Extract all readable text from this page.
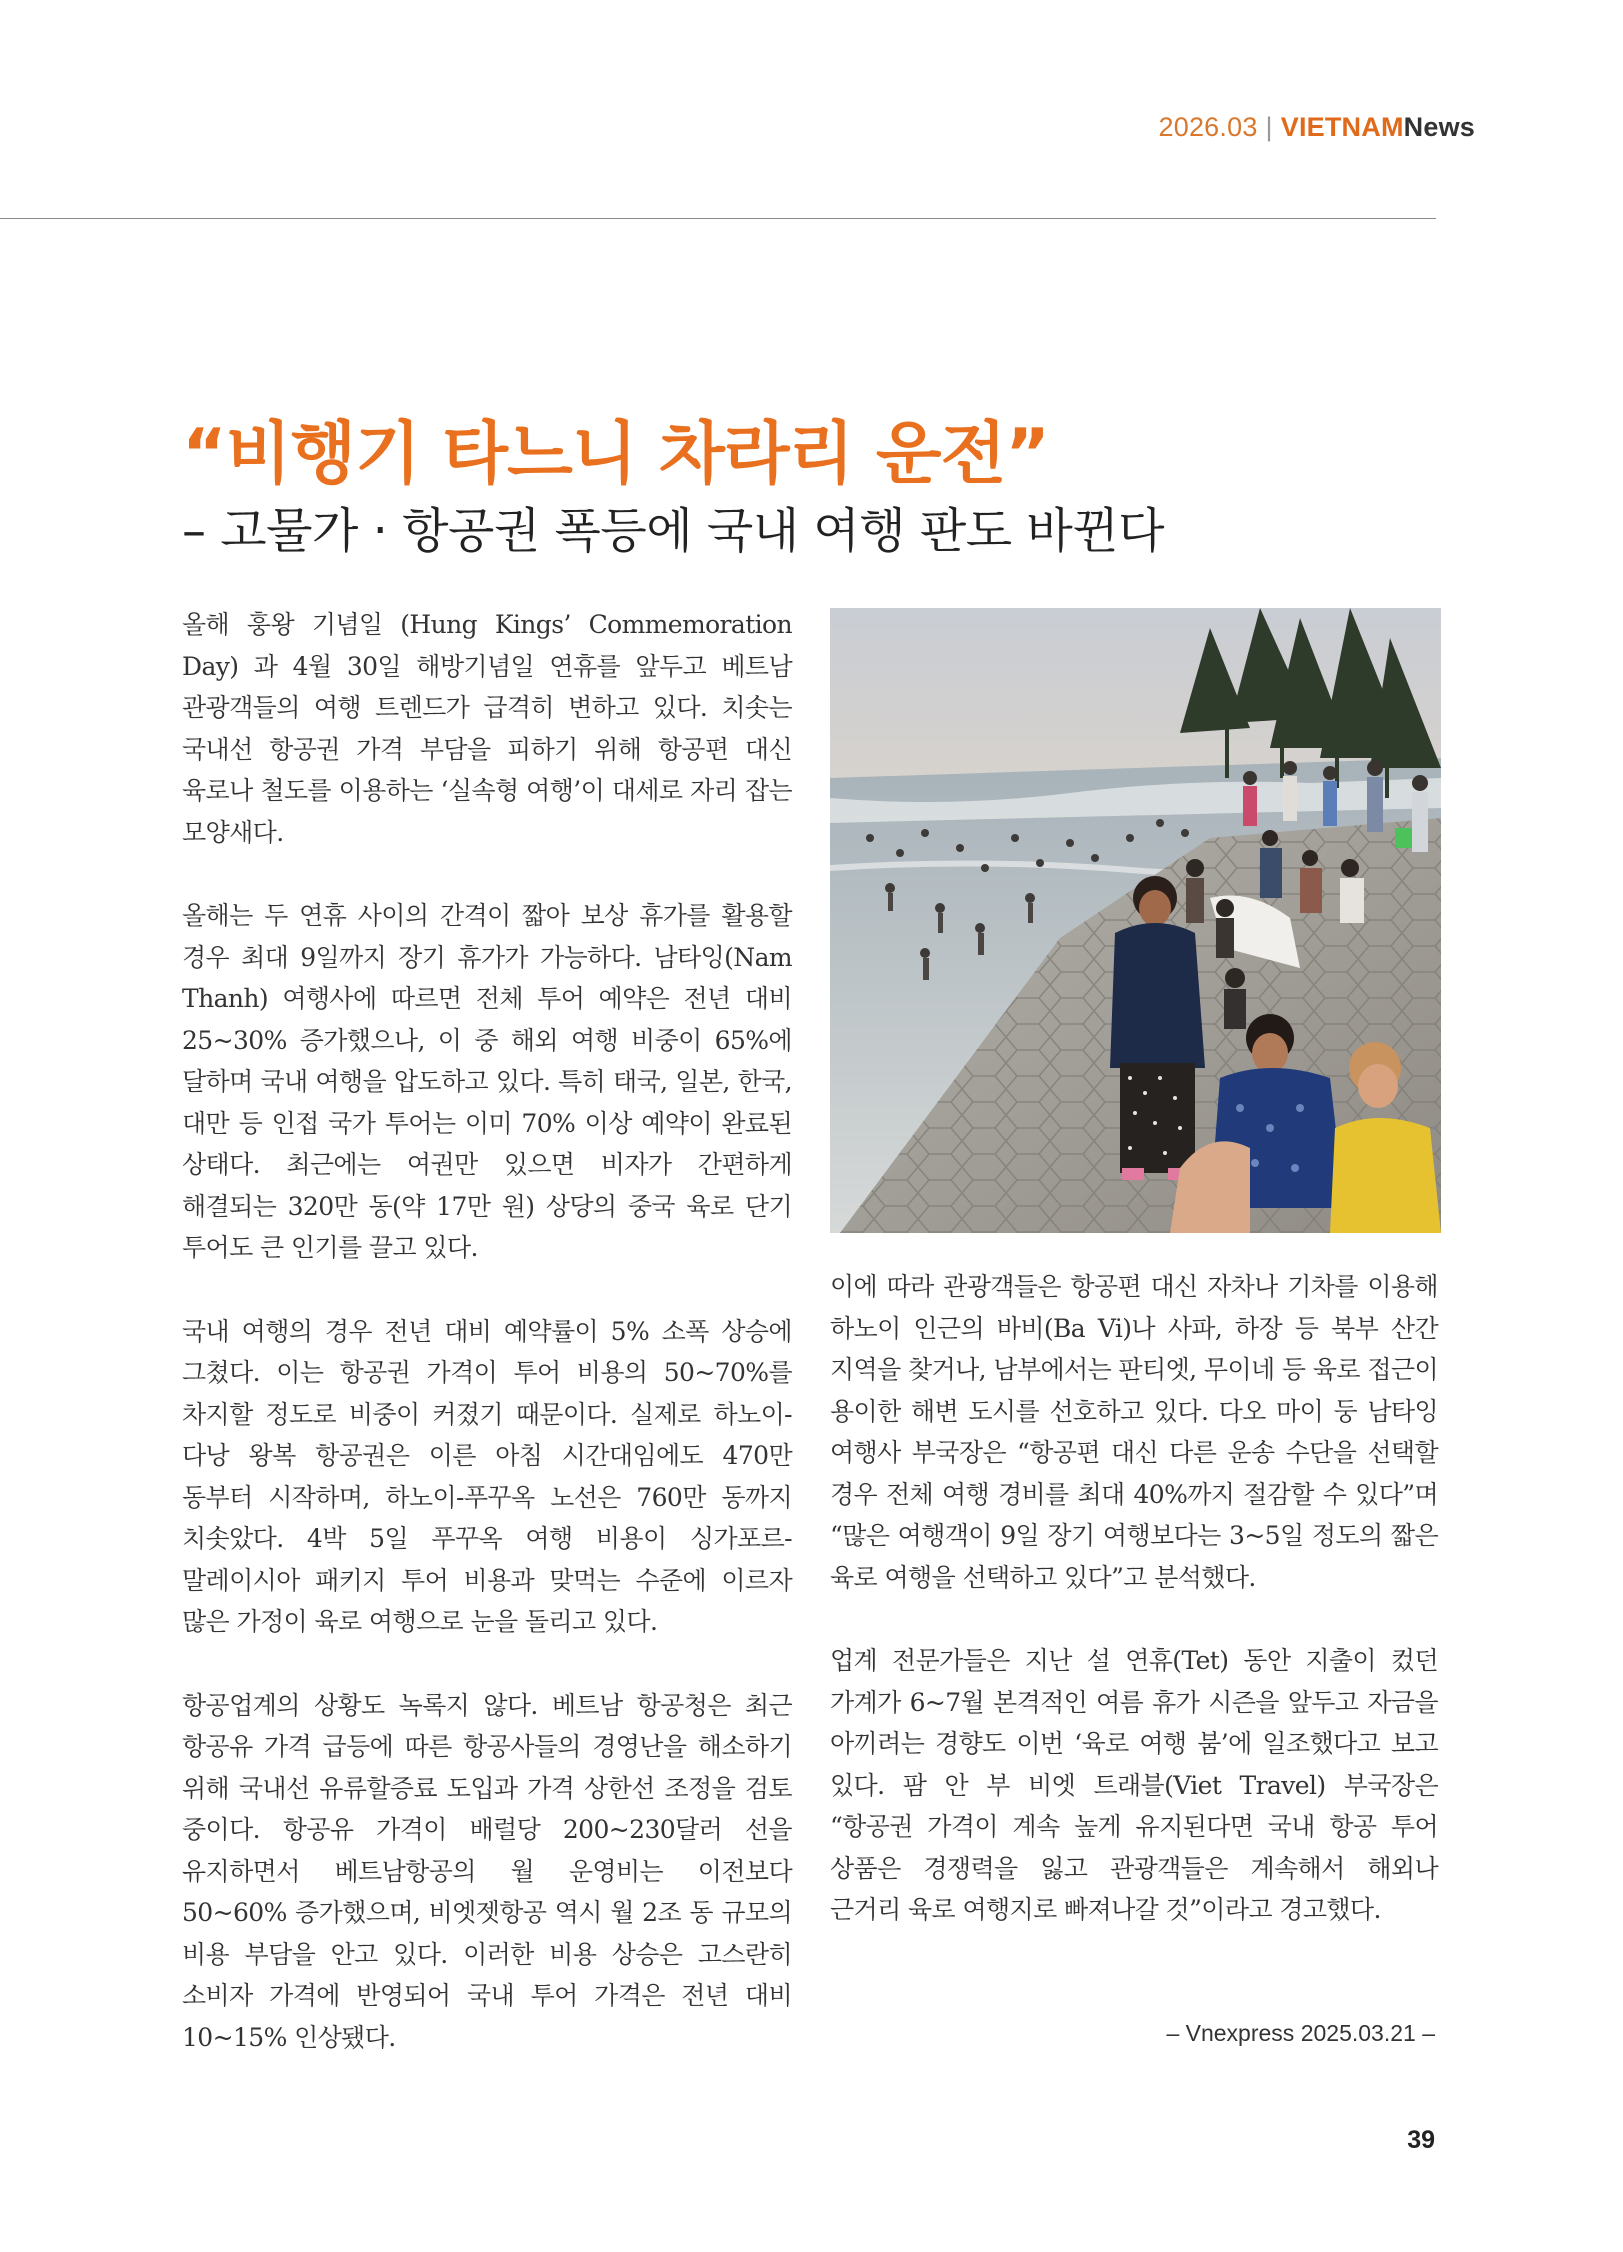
2026.03 | VIETNAMNews
“비행기 타느니 차라리 운전”
– 고물가 · 항공권 폭등에 국내 여행 판도 바뀐다

올해 훙왕 기념일 (Hung Kings’ Commemoration Day) 과 4월 30일 해방기념일 연휴를 앞두고 베트남 관광객들의 여행 트렌드가 급격히 변하고 있다. 치솟는 국내선 항공권 가격 부담을 피하기 위해 항공편 대신 육로나 철도를 이용하는 ‘실속형 여행’이 대세로 자리 잡는 모양새다.

올해는 두 연휴 사이의 간격이 짧아 보상 휴가를 활용할 경우 최대 9일까지 장기 휴가가 가능하다. 남타잉(Nam Thanh) 여행사에 따르면 전체 투어 예약은 전년 대비 25~30% 증가했으나, 이 중 해외 여행 비중이 65%에 달하며 국내 여행을 압도하고 있다. 특히 태국, 일본, 한국, 대만 등 인접 국가 투어는 이미 70% 이상 예약이 완료된 상태다. 최근에는 여권만 있으면 비자가 간편하게 해결되는 320만 동(약 17만 원) 상당의 중국 육로 단기 투어도 큰 인기를 끌고 있다.

국내 여행의 경우 전년 대비 예약률이 5% 소폭 상승에 그쳤다. 이는 항공권 가격이 투어 비용의 50~70%를 차지할 정도로 비중이 커졌기 때문이다. 실제로 하노이-다낭 왕복 항공권은 이른 아침 시간대임에도 470만 동부터 시작하며, 하노이-푸꾸옥 노선은 760만 동까지 치솟았다. 4박 5일 푸꾸옥 여행 비용이 싱가포르-말레이시아 패키지 투어 비용과 맞먹는 수준에 이르자 많은 가정이 육로 여행으로 눈을 돌리고 있다.

항공업계의 상황도 녹록지 않다. 베트남 항공청은 최근 항공유 가격 급등에 따른 항공사들의 경영난을 해소하기 위해 국내선 유류할증료 도입과 가격 상한선 조정을 검토 중이다. 항공유 가격이 배럴당 200~230달러 선을 유지하면서 베트남항공의 월 운영비는 이전보다 50~60% 증가했으며, 비엣젯항공 역시 월 2조 동 규모의 비용 부담을 안고 있다. 이러한 비용 상승은 고스란히 소비자 가격에 반영되어 국내 투어 가격은 전년 대비 10~15% 인상됐다.

이에 따라 관광객들은 항공편 대신 자차나 기차를 이용해 하노이 인근의 바비(Ba Vi)나 사파, 하장 등 북부 산간 지역을 찾거나, 남부에서는 판티엣, 무이네 등 육로 접근이 용이한 해변 도시를 선호하고 있다. 다오 마이 둥 남타잉 여행사 부국장은 “항공편 대신 다른 운송 수단을 선택할 경우 전체 여행 경비를 최대 40%까지 절감할 수 있다”며 “많은 여행객이 9일 장기 여행보다는 3~5일 정도의 짧은 육로 여행을 선택하고 있다”고 분석했다.

업계 전문가들은 지난 설 연휴(Tet) 동안 지출이 컸던 가계가 6~7월 본격적인 여름 휴가 시즌을 앞두고 자금을 아끼려는 경향도 이번 ‘육로 여행 붐’에 일조했다고 보고 있다. 팜 안 부 비엣 트래블(Viet Travel) 부국장은 “항공권 가격이 계속 높게 유지된다면 국내 항공 투어 상품은 경쟁력을 잃고 관광객들은 계속해서 해외나 근거리 육로 여행지로 빠져나갈 것”이라고 경고했다.

– Vnexpress 2025.03.21 –
39
